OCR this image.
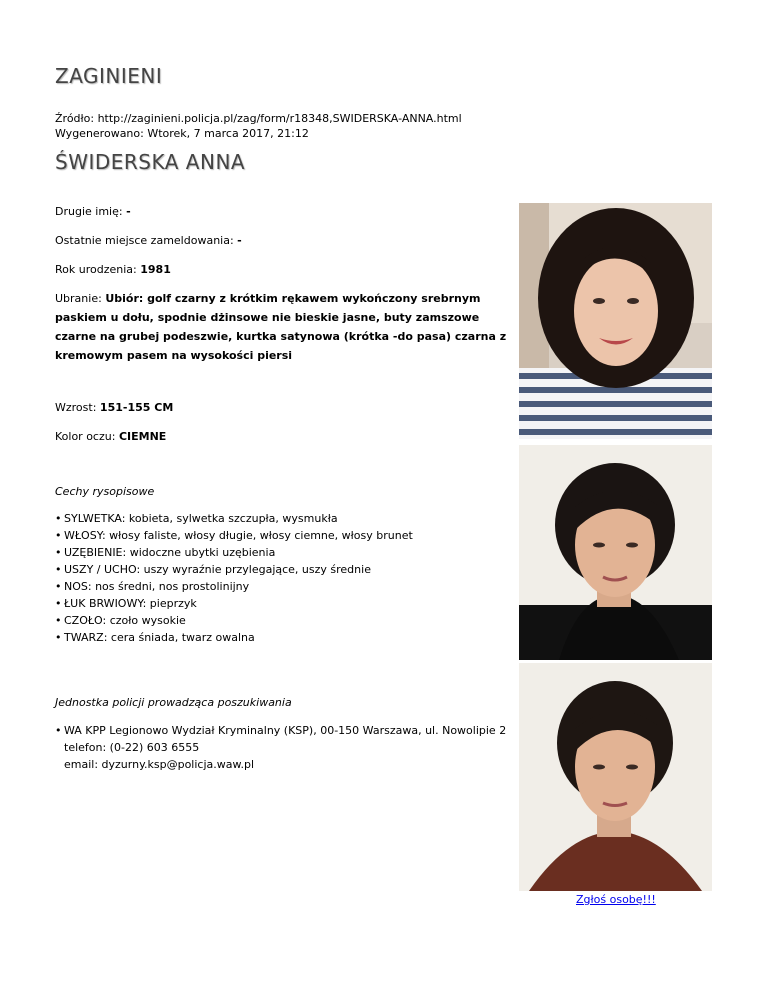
ZAGINIENI
Źródło: http://zaginieni.policja.pl/zag/form/r18348,SWIDERSKA-ANNA.html
Wygenerowano: Wtorek, 7 marca 2017, 21:12
ŚWIDERSKA ANNA
Drugie imię: -
Ostatnie miejsce zameldowania: -
Rok urodzenia: 1981
Ubranie: Ubiór: golf czarny z krótkim rękawem wykończony srebrnym paskiem u dołu, spodnie dżinsowe nie bieskie jasne, buty zamszowe czarne na grubej podeszwie, kurtka satynowa (krótka -do pasa) czarna z kremowym pasem na wysokości piersi
Wzrost: 151-155 CM
Kolor oczu: CIEMNE
Cechy rysopisowe
• SYLWETKA: kobieta, sylwetka szczupła, wysmukła
• WŁOSY: włosy faliste, włosy długie, włosy ciemne, włosy brunet
• UZĘBIENIE: widoczne ubytki uzębienia
• USZY / UCHO: uszy wyraźnie przylegające, uszy średnie
• NOS: nos średni, nos prostolinijny
• ŁUK BRWIOWY: pieprzyk
• CZOŁO: czoło wysokie
• TWARZ: cera śniada, twarz owalna
Jednostka policji prowadząca poszukiwania
• WA KPP Legionowo Wydział Kryminalny (KSP), 00-150 Warszawa, ul. Nowolipie 2
telefon: (0-22) 603 6555
email: dyzurny.ksp@policja.waw.pl
Zgłoś osobę!!!
